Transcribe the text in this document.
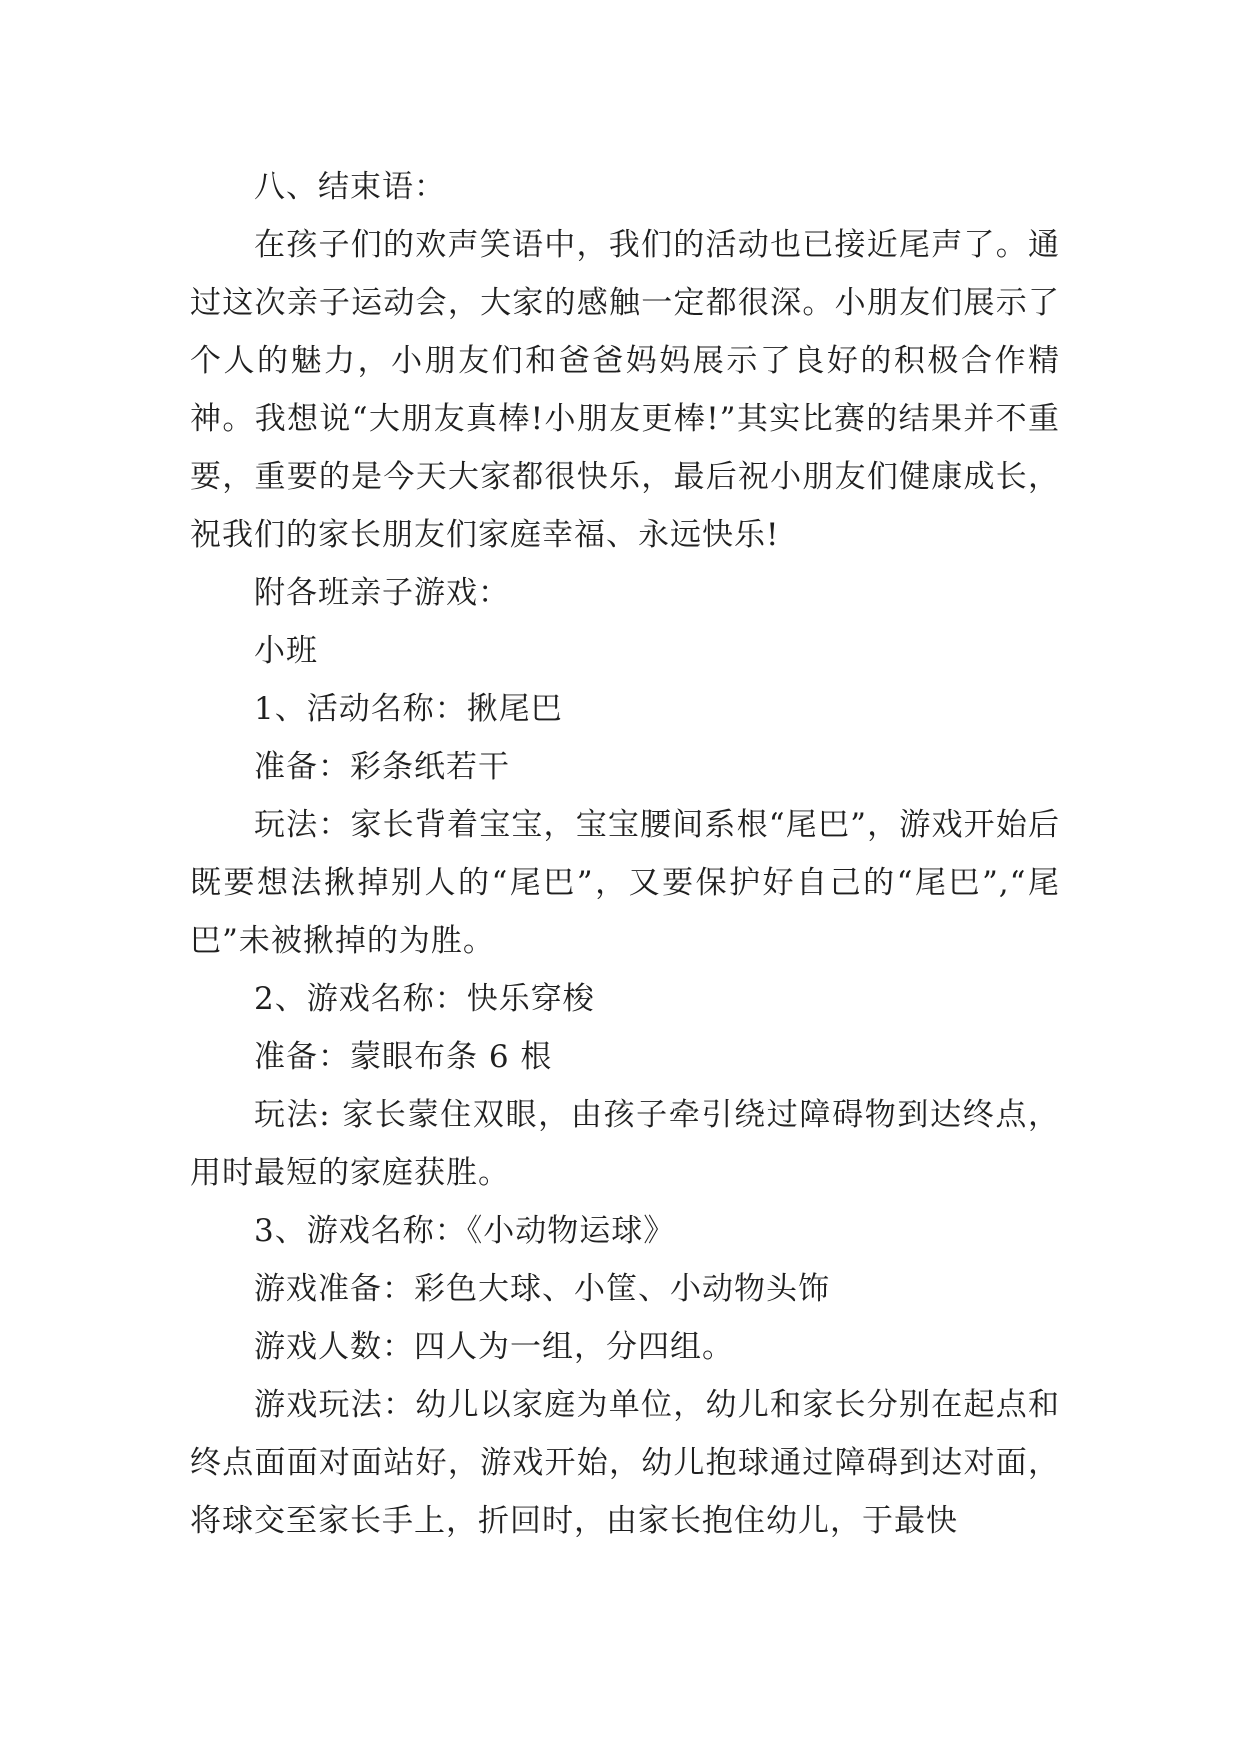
八、结束语：

在孩子们的欢声笑语中，我们的活动也已接近尾声了。通过这次亲子运动会，大家的感触一定都很深。小朋友们展示了个人的魅力，小朋友们和爸爸妈妈展示了良好的积极合作精神。我想说“大朋友真棒!小朋友更棒!”其实比赛的结果并不重要，重要的是今天大家都很快乐，最后祝小朋友们健康成长，祝我们的家长朋友们家庭幸福、永远快乐!

附各班亲子游戏：

小班

1、活动名称：揪尾巴

准备：彩条纸若干

玩法：家长背着宝宝，宝宝腰间系根“尾巴”，游戏开始后既要想法揪掉别人的“尾巴”，又要保护好自己的“尾巴”,“尾巴”未被揪掉的为胜。

2、游戏名称：快乐穿梭

准备：蒙眼布条 6 根

玩法: 家长蒙住双眼，由孩子牵引绕过障碍物到达终点，用时最短的家庭获胜。

3、游戏名称：《小动物运球》

游戏准备：彩色大球、小筐、小动物头饰

游戏人数：四人为一组，分四组。

游戏玩法：幼儿以家庭为单位，幼儿和家长分别在起点和终点面面对面站好，游戏开始，幼儿抱球通过障碍到达对面，将球交至家长手上，折回时，由家长抱住幼儿，于最快
